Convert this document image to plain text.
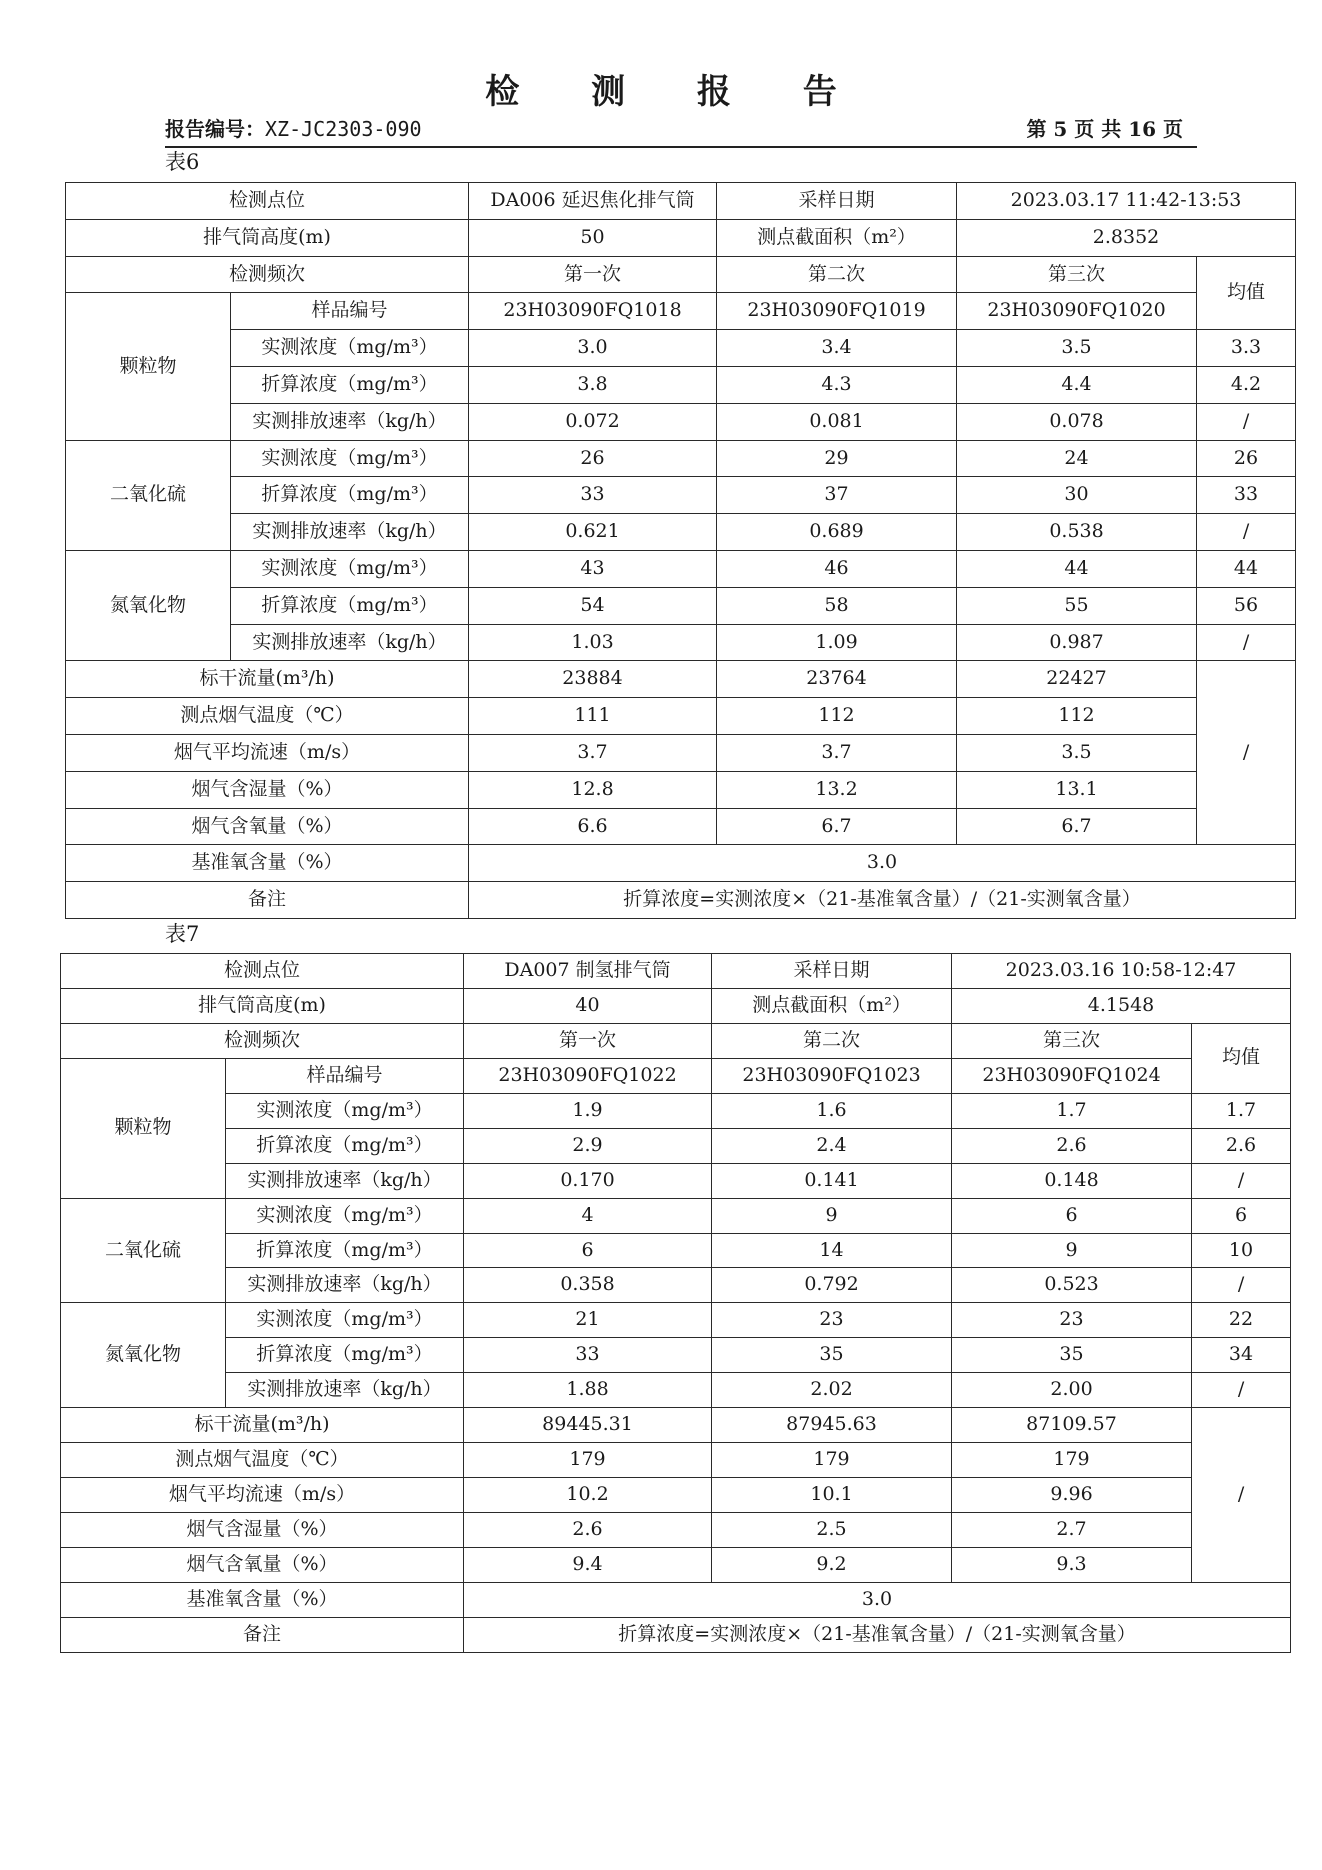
检 测 报 告
报告编号：XZ-JC2303-090	第 5 页 共 16 页
表6
检测点位		DA006 延迟焦化排气筒	采样日期	2023.03.17 11:42-13:53	
排气筒高度(m)		50	测点截面积（m²）	2.8352	
检测频次		第一次	第二次	第三次	均值
颗粒物	样品编号	23H03090FQ1018	23H03090FQ1019	23H03090FQ1020	
	实测浓度（mg/m³）	3.0	3.4	3.5	3.3
	折算浓度（mg/m³）	3.8	4.3	4.4	4.2
	实测排放速率（kg/h）	0.072	0.081	0.078	/
二氧化硫	实测浓度（mg/m³）	26	29	24	26
	折算浓度（mg/m³）	33	37	30	33
	实测排放速率（kg/h）	0.621	0.689	0.538	/
氮氧化物	实测浓度（mg/m³）	43	46	44	44
	折算浓度（mg/m³）	54	58	55	56
	实测排放速率（kg/h）	1.03	1.09	0.987	/
标干流量(m³/h)		23884	23764	22427	/
测点烟气温度（℃）		111	112	112	
烟气平均流速（m/s）		3.7	3.7	3.5	
烟气含湿量（%）		12.8	13.2	13.1	
烟气含氧量（%）		6.6	6.7	6.7	
基准氧含量（%）		3.0			
备注		折算浓度=实测浓度×（21-基准氧含量）/（21-实测氧含量）			
表7
检测点位		DA007 制氢排气筒	采样日期	2023.03.16 10:58-12:47	
排气筒高度(m)		40	测点截面积（m²）	4.1548	
检测频次		第一次	第二次	第三次	均值
颗粒物	样品编号	23H03090FQ1022	23H03090FQ1023	23H03090FQ1024	
	实测浓度（mg/m³）	1.9	1.6	1.7	1.7
	折算浓度（mg/m³）	2.9	2.4	2.6	2.6
	实测排放速率（kg/h）	0.170	0.141	0.148	/
二氧化硫	实测浓度（mg/m³）	4	9	6	6
	折算浓度（mg/m³）	6	14	9	10
	实测排放速率（kg/h）	0.358	0.792	0.523	/
氮氧化物	实测浓度（mg/m³）	21	23	23	22
	折算浓度（mg/m³）	33	35	35	34
	实测排放速率（kg/h）	1.88	2.02	2.00	/
标干流量(m³/h)		89445.31	87945.63	87109.57	/
测点烟气温度（℃）		179	179	179	
烟气平均流速（m/s）		10.2	10.1	9.96	
烟气含湿量（%）		2.6	2.5	2.7	
烟气含氧量（%）		9.4	9.2	9.3	
基准氧含量（%）		3.0			
备注		折算浓度=实测浓度×（21-基准氧含量）/（21-实测氧含量）			
